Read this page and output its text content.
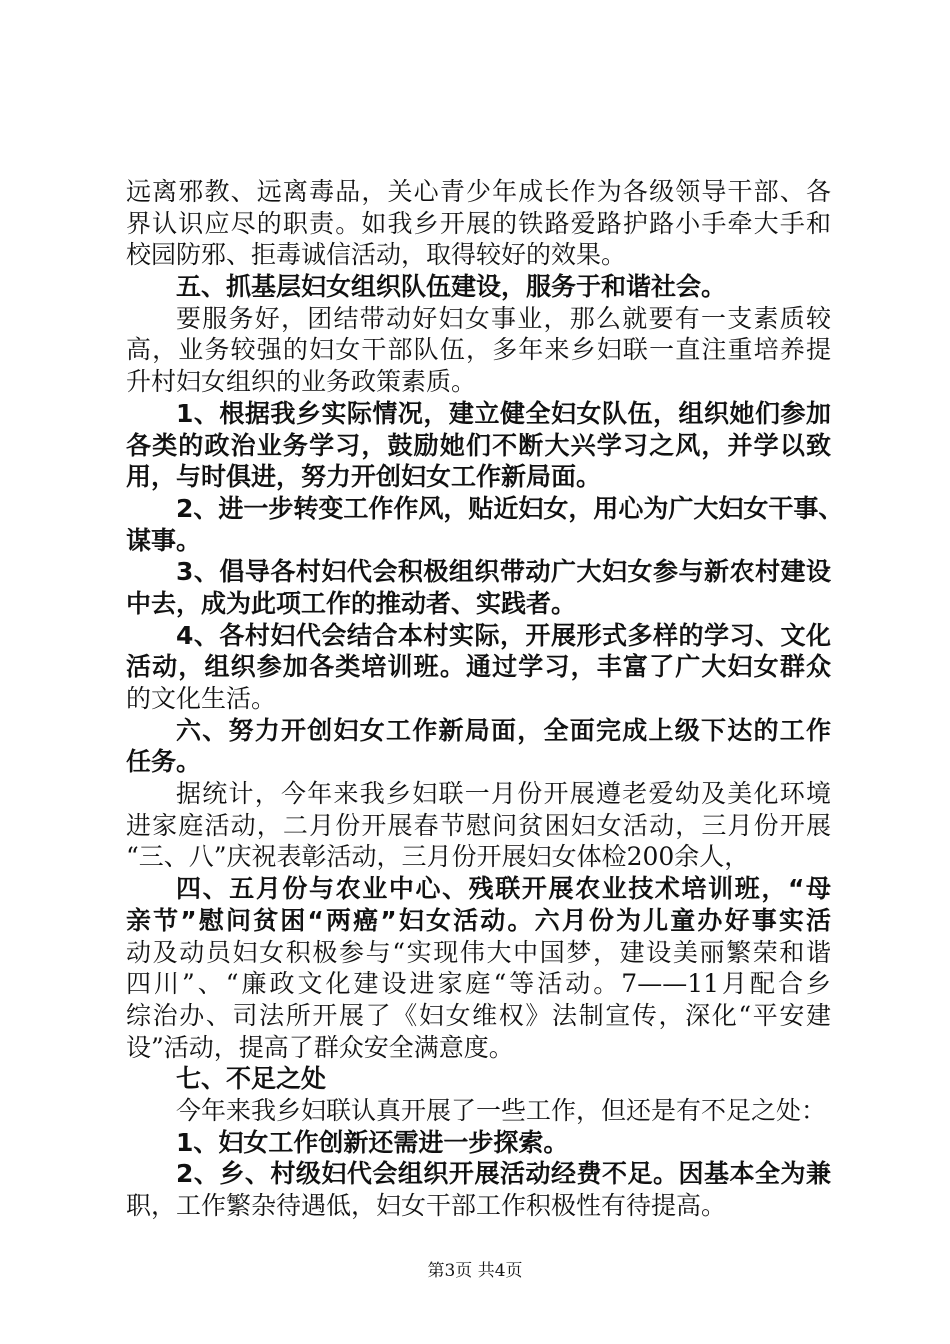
远离邪教、远离毒品，关心青少年成长作为各级领导干部、各
界认识应尽的职责。如我乡开展的铁路爱路护路小手牵大手和
校园防邪、拒毒诚信活动，取得较好的效果。
五、抓基层妇女组织队伍建设，服务于和谐社会。
要服务好，团结带动好妇女事业，那么就要有一支素质较
高，业务较强的妇女干部队伍，多年来乡妇联一直注重培养提
升村妇女组织的业务政策素质。
1、根据我乡实际情况，建立健全妇女队伍，组织她们参加
各类的政治业务学习，鼓励她们不断大兴学习之风，并学以致
用，与时俱进，努力开创妇女工作新局面。
2、进一步转变工作作风，贴近妇女，用心为广大妇女干事、
谋事。
3、倡导各村妇代会积极组织带动广大妇女参与新农村建设
中去，成为此项工作的推动者、实践者。
4、各村妇代会结合本村实际，开展形式多样的学习、文化
活动，组织参加各类培训班。通过学习，丰富了广大妇女群众
的文化生活。
六、努力开创妇女工作新局面，全面完成上级下达的工作
任务。
据统计，今年来我乡妇联一月份开展遵老爱幼及美化环境
进家庭活动，二月份开展春节慰问贫困妇女活动，三月份开展
“三、八”庆祝表彰活动，三月份开展妇女体检200余人，
四、五月份与农业中心、残联开展农业技术培训班，“母
亲节”慰问贫困“两癌”妇女活动。六月份为儿童办好事实活
动及动员妇女积极参与“实现伟大中国梦，建设美丽繁荣和谐
四川”、“廉政文化建设进家庭“等活动。7——11月配合乡
综治办、司法所开展了《妇女维权》法制宣传，深化“平安建
设”活动，提高了群众安全满意度。
七、不足之处
今年来我乡妇联认真开展了一些工作，但还是有不足之处：
1、妇女工作创新还需进一步探索。
2、乡、村级妇代会组织开展活动经费不足。因基本全为兼
职，工作繁杂待遇低，妇女干部工作积极性有待提高。
第3页 共4页
